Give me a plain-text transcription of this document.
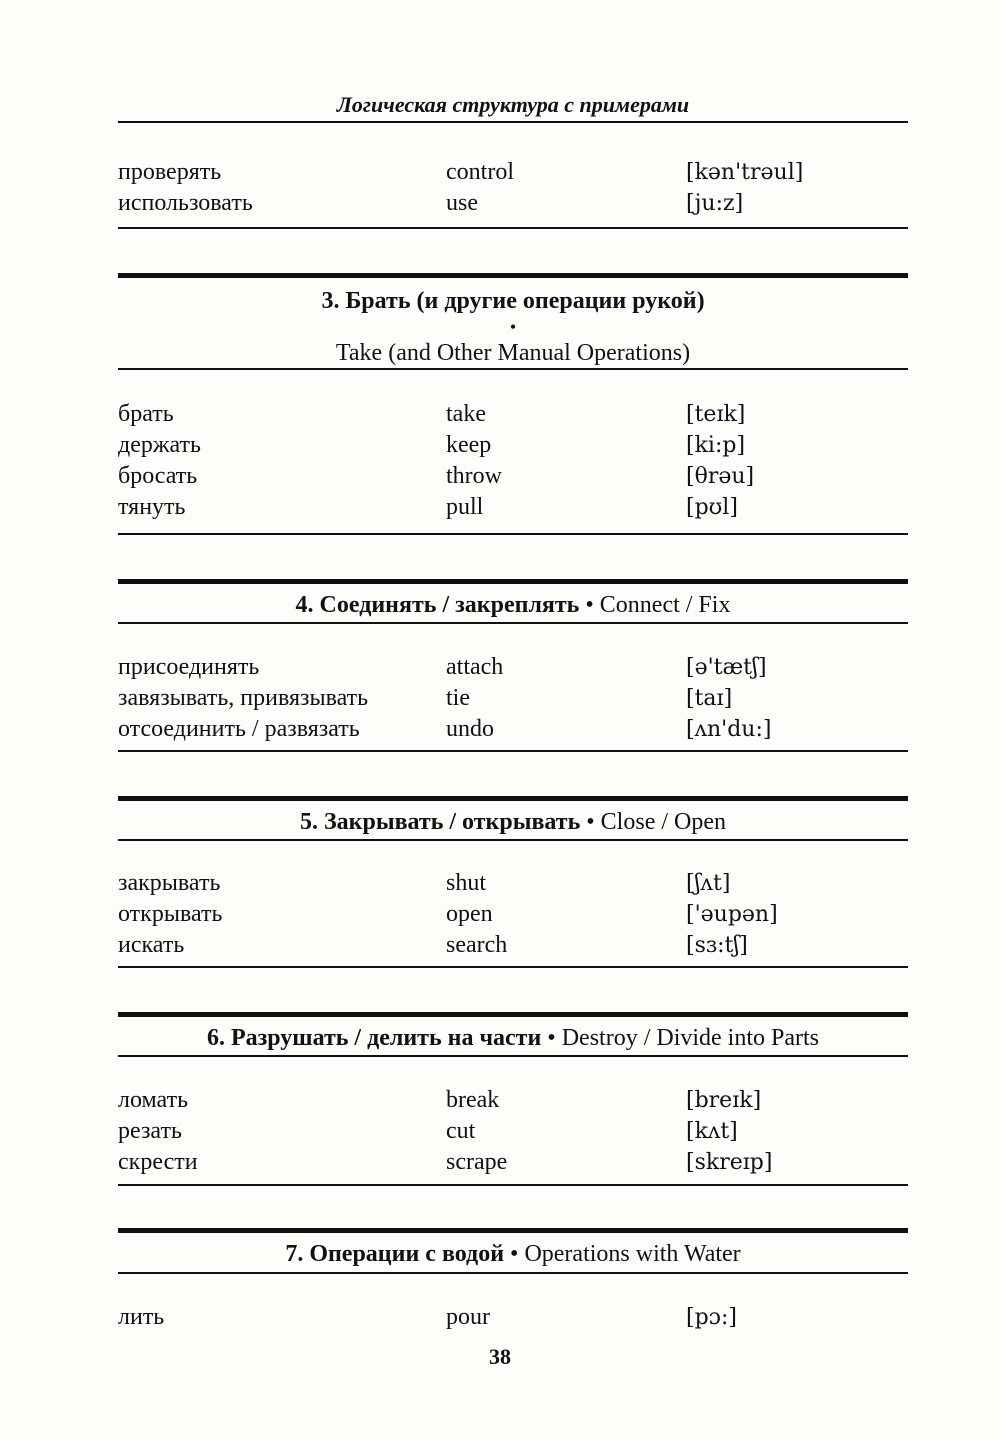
Логическая структура с примерами
проверять	control	[kən'trəul]
использовать	use	[ju:z]
3. Брать (и другие операции рукой)
•
Take (and Other Manual Operations)
брать	take	[teɪk]
держать	keep	[ki:p]
бросать	throw	[θrəu]
тянуть	pull	[pʊl]
4. Соединять / закреплять • Connect / Fix
присоединять	attach	[ə'tætʃ]
завязывать, привязывать	tie	[taɪ]
отсоединить / развязать	undo	[ʌn'du:]
5. Закрывать / открывать • Close / Open
закрывать	shut	[ʃʌt]
открывать	open	['əupən]
искать	search	[sɜ:tʃ]
6. Разрушать / делить на части • Destroy / Divide into Parts
ломать	break	[breɪk]
резать	cut	[kʌt]
скрести	scrape	[skreɪp]
7. Операции с водой • Operations with Water
лить	pour	[pɔ:]
38
